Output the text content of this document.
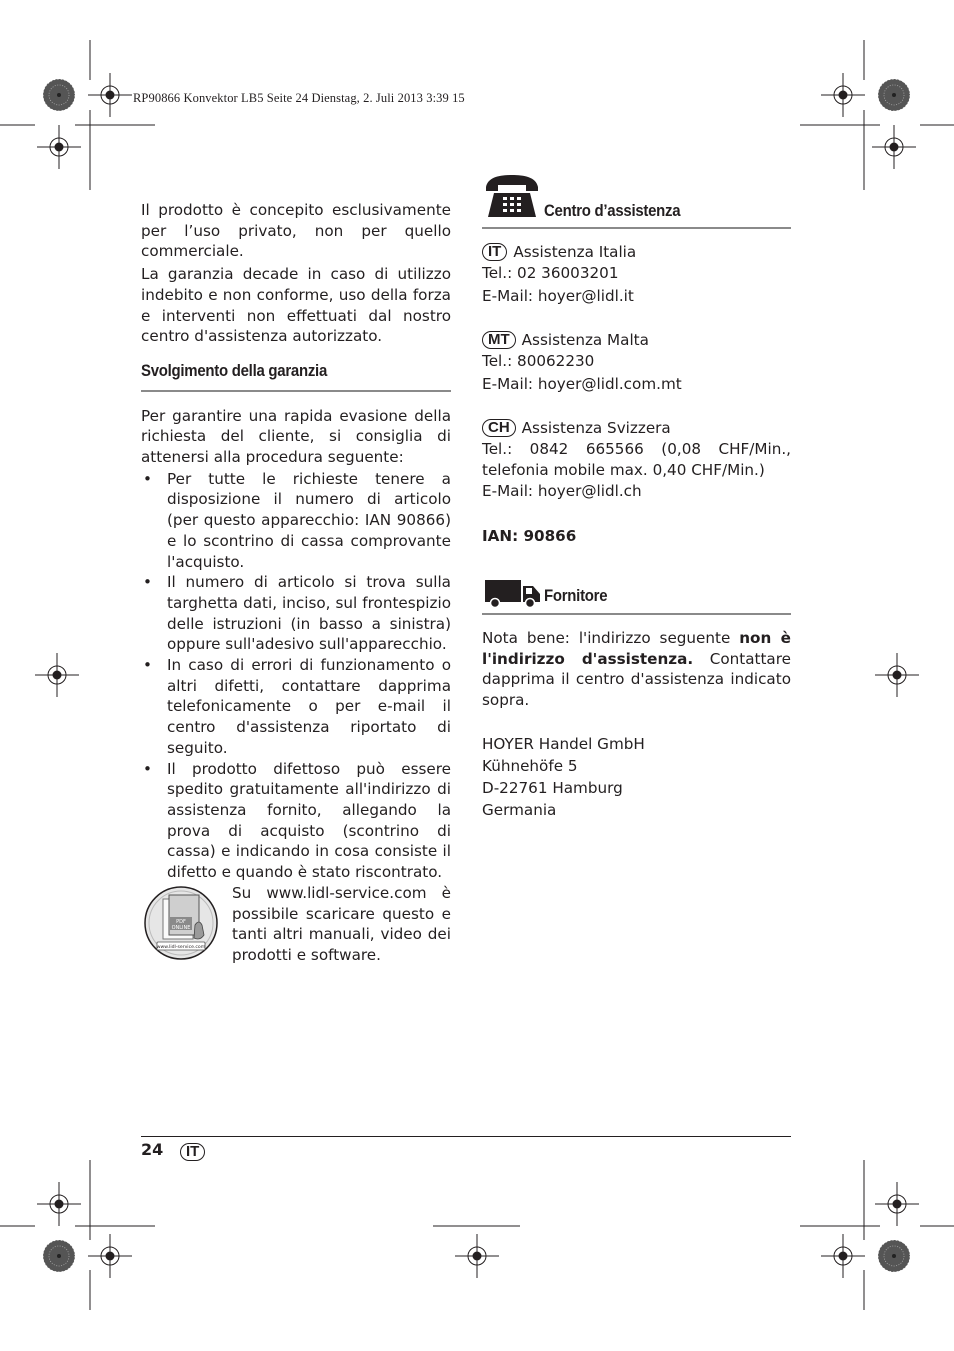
RP90866 Konvektor LB5 Seite 24 Dienstag, 2. Juli 2013 3:39 15

Il prodotto è concepito esclusivamente per l’uso privato, non per quello commerciale.

La garanzia decade in caso di utilizzo indebito e non conforme, uso della forza e interventi non effettuati dal nostro centro d'assistenza autorizzato.

Svolgimento della garanzia

Per garantire una rapida evasione della richiesta del cliente, si consiglia di attenersi alla procedura seguente:

• Per tutte le richieste tenere a disposizione il numero di articolo (per questo apparecchio: IAN 90866) e lo scontrino di cassa comprovante l'acquisto.
• Il numero di articolo si trova sulla targhetta dati, inciso, sul frontespizio delle istruzioni (in basso a sinistra) oppure sull'adesivo sull'apparecchio.
• In caso di errori di funzionamento o altri difetti, contattare dapprima telefonicamente o per e-mail il centro d'assistenza riportato di seguito.
• Il prodotto difettoso può essere spedito gratuitamente all'indirizzo di assistenza fornito, allegando la prova di acquisto (scontrino di cassa) e indicando in cosa consiste il difetto e quando è stato riscontrato.
PDF
ONLINE
www.lidl-service.com

Su www.lidl-service.com è possibile scaricare questo e tanti altri manuali, video dei prodotti e software.

Centro d’assistenza
IT Assistenza Italia
Tel.: 02 36003201
E-Mail: hoyer@lidl.it
MT Assistenza Malta
Tel.: 80062230
E-Mail: hoyer@lidl.com.mt
CH Assistenza Svizzera
Tel.: 0842 665566 (0,08 CHF/Min., telefonia mobile max. 0,40 CHF/Min.)
E-Mail: hoyer@lidl.ch
IAN: 90866
Fornitore

Nota bene: l'indirizzo seguente non è l'indirizzo d'assistenza. Contattare dapprima il centro d'assistenza indicato sopra.

HOYER Handel GmbH
Kühnehöfe 5
D-22761 Hamburg
Germania
24	IT
